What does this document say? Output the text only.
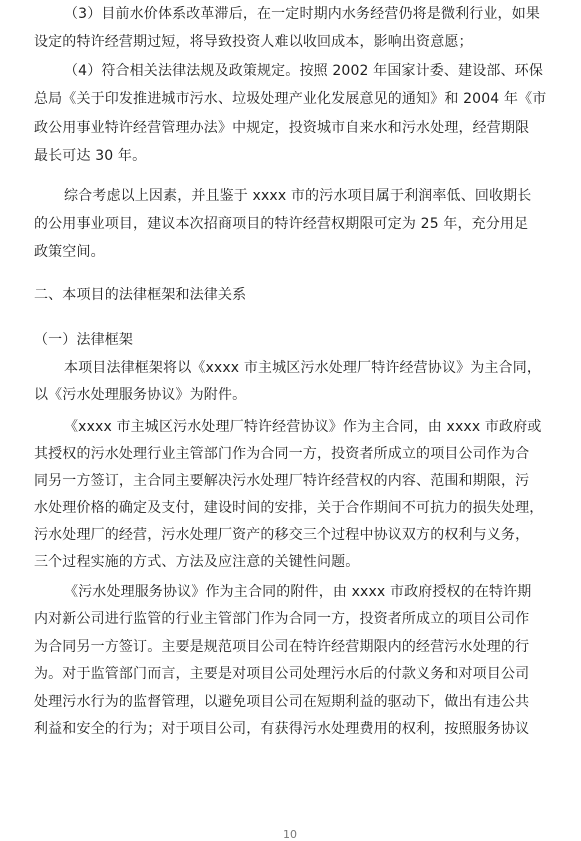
（3）目前水价体系改革滞后，在一定时期内水务经营仍将是微利行业，如果
设定的特许经营期过短，将导致投资人难以收回成本，影响出资意愿；
（4）符合相关法律法规及政策规定。按照 2002 年国家计委、建设部、环保
总局《关于印发推进城市污水、垃圾处理产业化发展意见的通知》和 2004 年《市
政公用事业特许经营管理办法》中规定，投资城市自来水和污水处理，经营期限
最长可达 30 年。
综合考虑以上因素，并且鉴于 xxxx 市的污水项目属于利润率低、回收期长
的公用事业项目，建议本次招商项目的特许经营权期限可定为 25 年，充分用足
政策空间。
二、本项目的法律框架和法律关系
（一）法律框架
本项目法律框架将以《xxxx 市主城区污水处理厂特许经营协议》为主合同，
以《污水处理服务协议》为附件。
《xxxx 市主城区污水处理厂特许经营协议》作为主合同，由 xxxx 市政府或
其授权的污水处理行业主管部门作为合同一方，投资者所成立的项目公司作为合
同另一方签订，主合同主要解决污水处理厂特许经营权的内容、范围和期限，污
水处理价格的确定及支付，建设时间的安排，关于合作期间不可抗力的损失处理，
污水处理厂的经营，污水处理厂资产的移交三个过程中协议双方的权利与义务，
三个过程实施的方式、方法及应注意的关键性问题。
《污水处理服务协议》作为主合同的附件，由 xxxx 市政府授权的在特许期
内对新公司进行监管的行业主管部门作为合同一方，投资者所成立的项目公司作
为合同另一方签订。主要是规范项目公司在特许经营期限内的经营污水处理的行
为。对于监管部门而言，主要是对项目公司处理污水后的付款义务和对项目公司
处理污水行为的监督管理，以避免项目公司在短期利益的驱动下，做出有违公共
利益和安全的行为；对于项目公司，有获得污水处理费用的权利，按照服务协议
10
